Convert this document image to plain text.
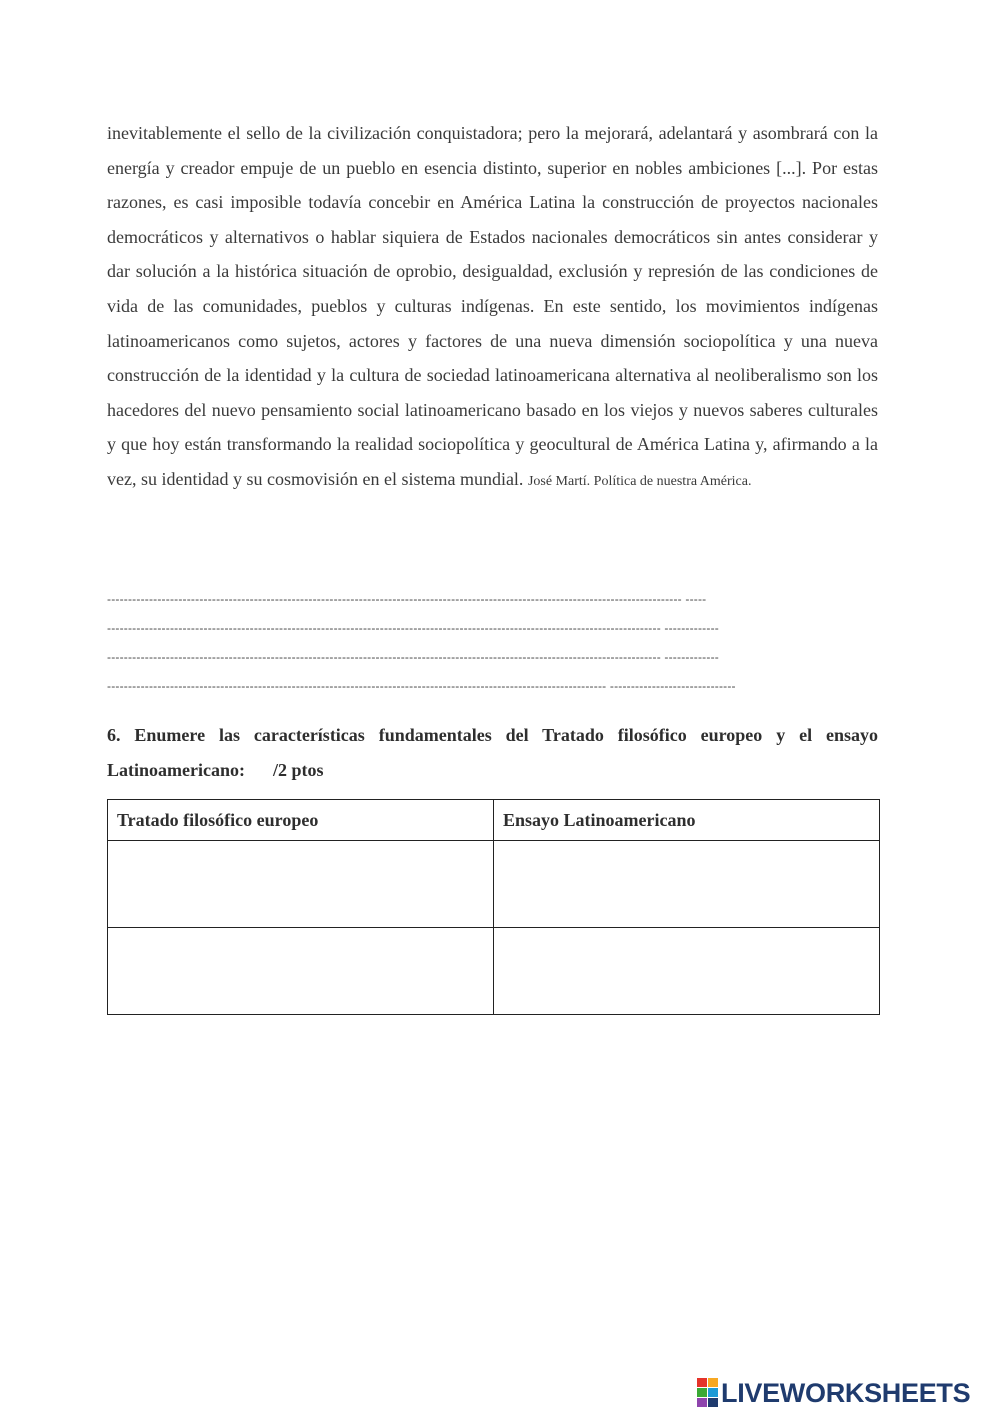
inevitablemente el sello de la civilización conquistadora; pero la mejorará, adelantará y asombrará con la energía y creador empuje de un pueblo en esencia distinto, superior en nobles ambiciones [...]. Por estas razones, es casi imposible todavía concebir en América Latina la construcción de proyectos nacionales democráticos y alternativos o hablar siquiera de Estados nacionales democráticos sin antes considerar y dar solución a la histórica situación de oprobio, desigualdad, exclusión y represión de las condiciones de vida de las comunidades, pueblos y culturas indígenas. En este sentido, los movimientos indígenas latinoamericanos como sujetos, actores y factores de una nueva dimensión sociopolítica y una nueva construcción de la identidad y la cultura de sociedad latinoamericana alternativa al neoliberalismo son los hacedores del nuevo pensamiento social latinoamericano basado en los viejos y nuevos saberes culturales y que hoy están transformando la realidad sociopolítica y geocultural de América Latina y, afirmando a la vez, su identidad y su cosmovisión en el sistema mundial. José Martí. Política de nuestra América.
----------------------------------------------------------------------------------------------------------------------------------------- -----
------------------------------------------------------------------------------------------------------------------------------------ -------------
------------------------------------------------------------------------------------------------------------------------------------ -------------
----------------------------------------------------------------------------------------------------------------------- ------------------------------
6. Enumere las características fundamentales del Tratado filosófico europeo y el ensayo Latinoamericano: /2 ptos
Tratado filosófico europeo	Ensayo Latinoamericano

LIVEWORKSHEETS
